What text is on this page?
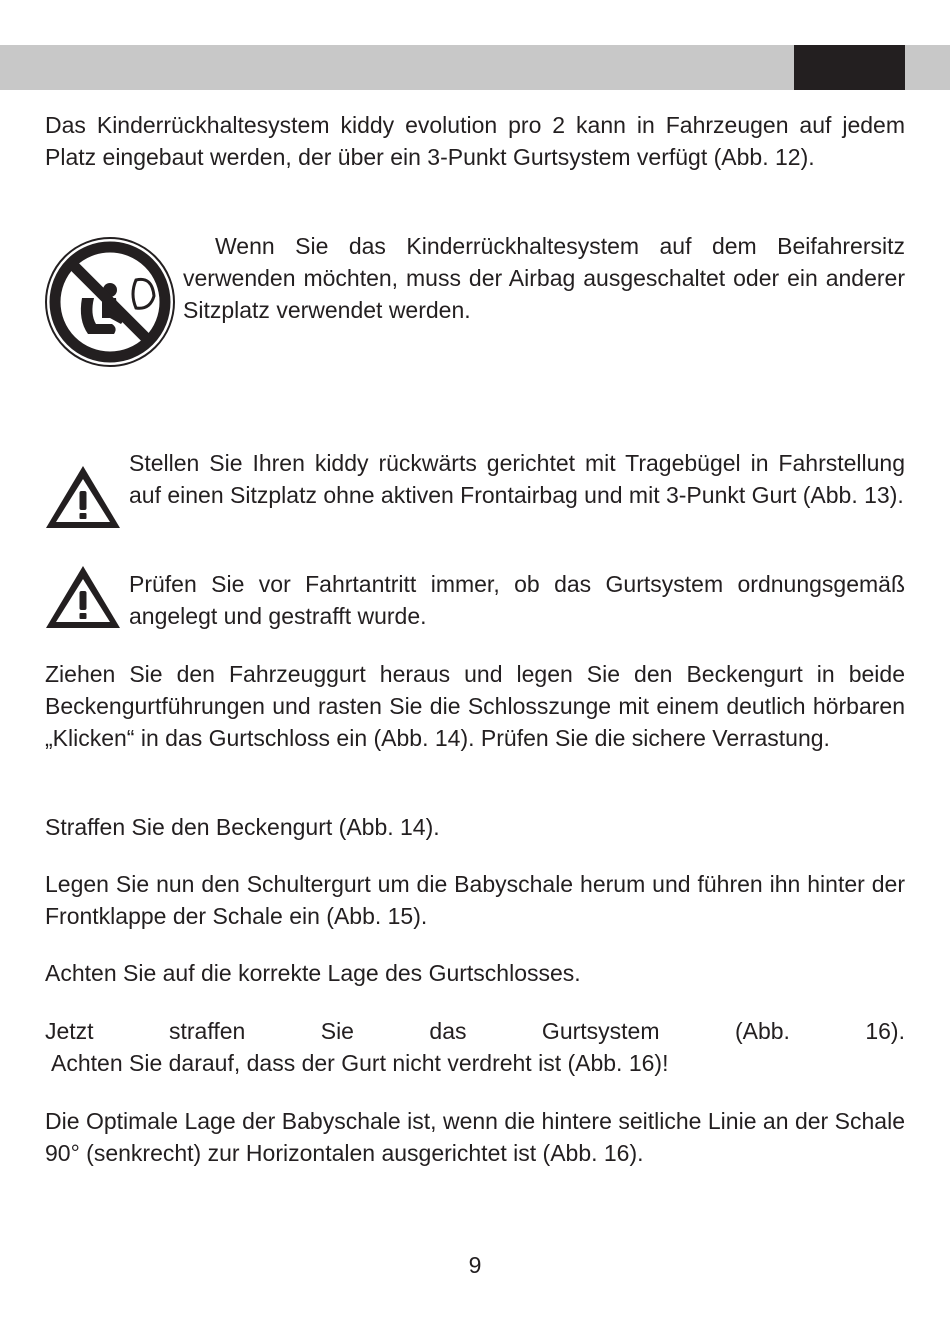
Das Kinderrückhaltesystem kiddy evolution pro 2 kann in Fahrzeugen auf jedem Platz eingebaut werden, der über ein 3-Punkt Gurtsystem verfügt (Abb. 12).

Wenn Sie das Kinderrückhaltesystem auf dem Beifahrersitz verwenden möchten, muss der Airbag ausgeschaltet oder ein anderer Sitzplatz verwendet werden.

Stellen Sie Ihren kiddy rückwärts gerichtet mit Tragebügel in Fahrstellung auf einen Sitzplatz ohne aktiven Frontairbag und mit 3-Punkt Gurt (Abb. 13).

Prüfen Sie vor Fahrtantritt immer, ob das Gurtsystem ordnungsgemäß angelegt und gestrafft wurde.

Ziehen Sie den Fahrzeuggurt heraus und legen Sie den Beckengurt in beide Beckengurtführungen und rasten Sie die Schlosszunge mit einem deutlich hörbaren „Klicken“ in das Gurtschloss ein (Abb. 14). Prüfen Sie die sichere Verrastung.

Straffen Sie den Beckengurt (Abb. 14).

Legen Sie nun den Schultergurt um die Babyschale herum und führen ihn hinter der Frontklappe der Schale ein (Abb. 15).

Achten Sie auf die korrekte Lage des Gurtschlosses.

Jetzt straffen Sie das Gurtsystem (Abb. 16).
Achten Sie darauf, dass der Gurt nicht verdreht ist (Abb. 16)!

Die Optimale Lage der Babyschale ist, wenn die hintere seitliche Linie an der Schale 90° (senkrecht) zur Horizontalen ausgerichtet ist (Abb. 16).

9
